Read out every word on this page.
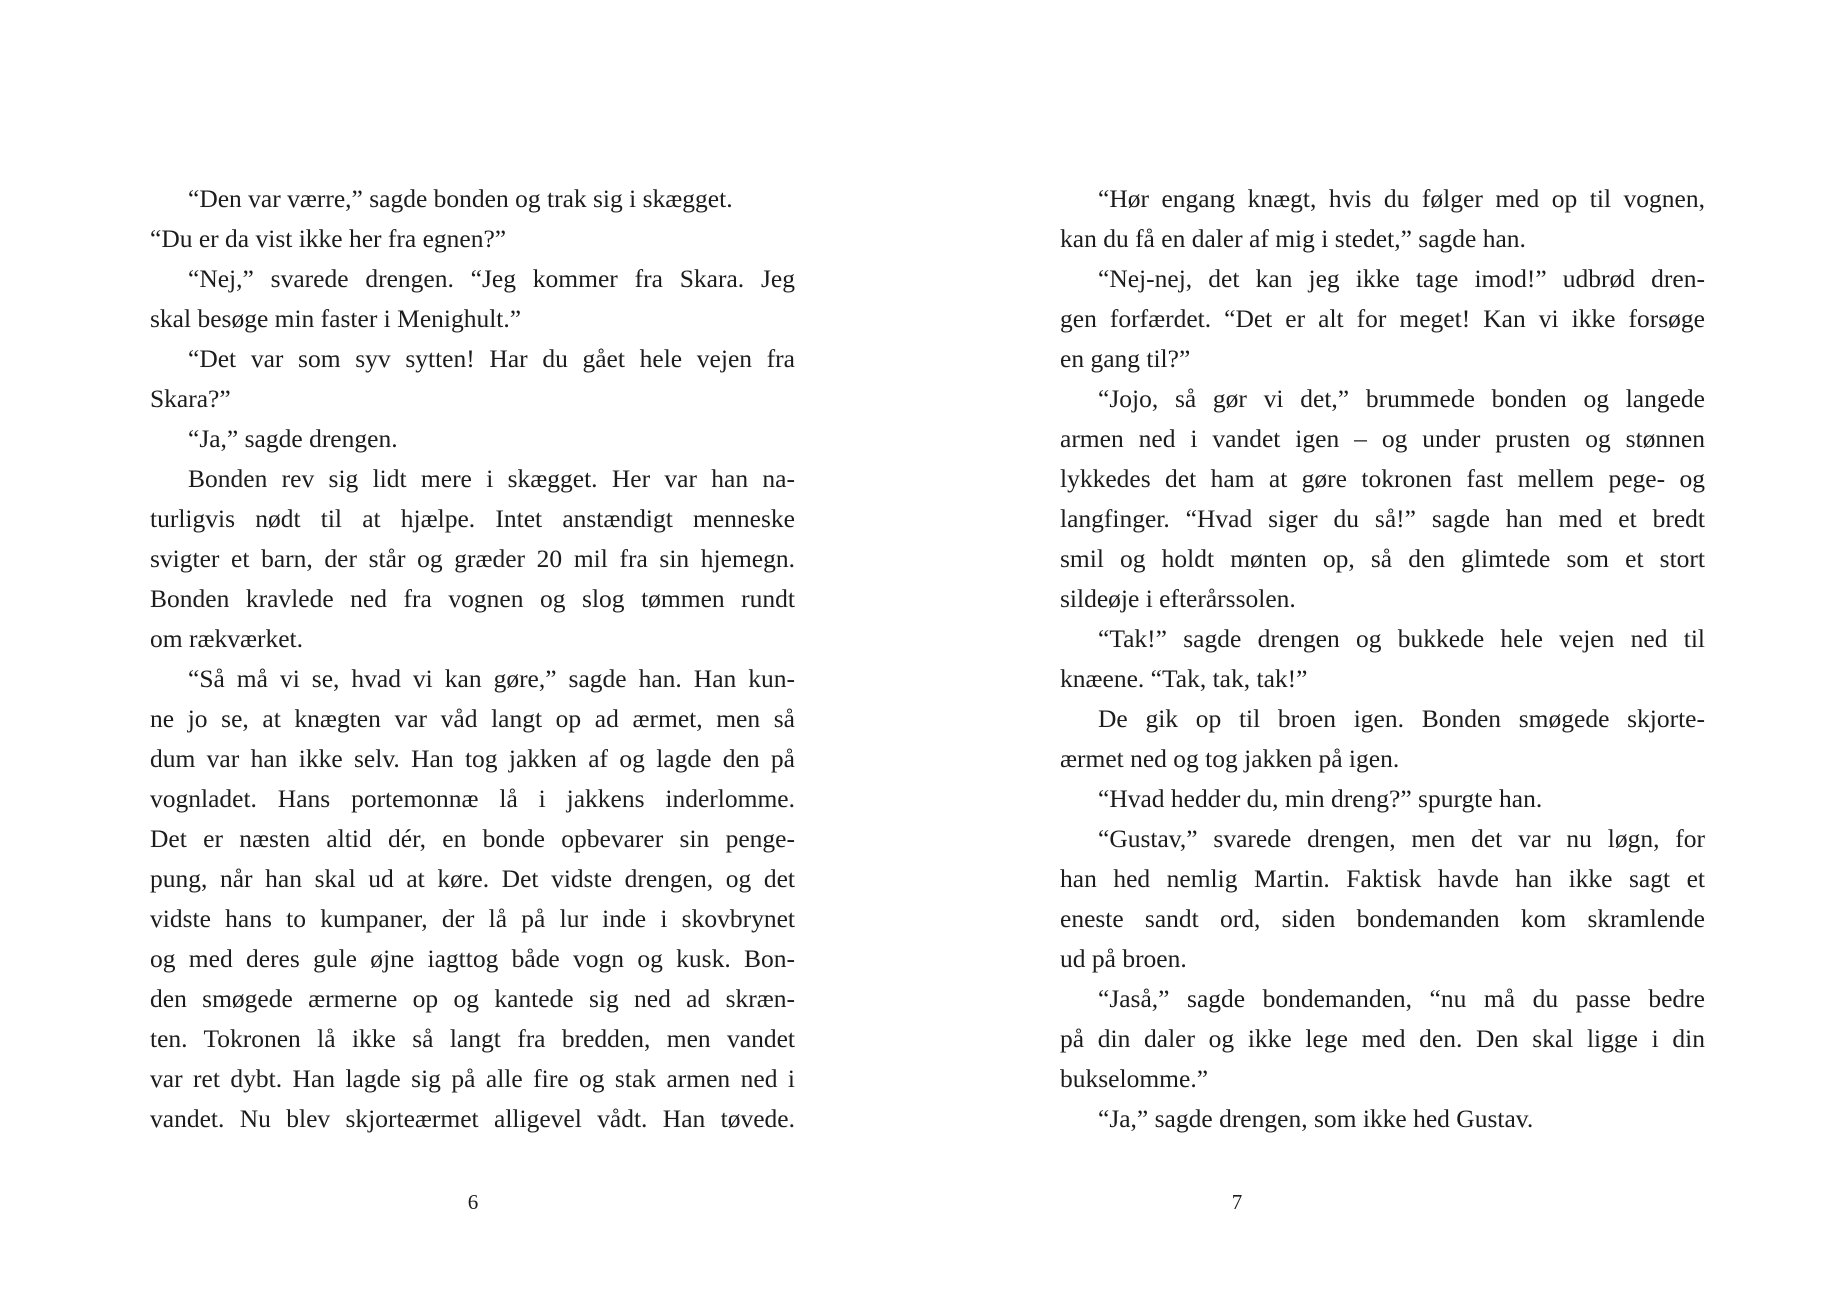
“Den var værre,” sagde bonden og trak sig i skægget.
“Du er da vist ikke her fra egnen?”
“Nej,” svarede drengen. “Jeg kommer fra Skara. Jeg
skal besøge min faster i Menighult.”
“Det var som syv sytten! Har du gået hele vejen fra
Skara?”
“Ja,” sagde drengen.
Bonden rev sig lidt mere i skægget. Her var han na-
turligvis nødt til at hjælpe. Intet anstændigt menneske
svigter et barn, der står og græder 20 mil fra sin hjemegn.
Bonden kravlede ned fra vognen og slog tømmen rundt
om rækværket.
“Så må vi se, hvad vi kan gøre,” sagde han. Han kun-
ne jo se, at knægten var våd langt op ad ærmet, men så
dum var han ikke selv. Han tog jakken af og lagde den på
vognladet. Hans portemonnæ lå i jakkens inderlomme.
Det er næsten altid dér, en bonde opbevarer sin penge-
pung, når han skal ud at køre. Det vidste drengen, og det
vidste hans to kumpaner, der lå på lur inde i skovbrynet
og med deres gule øjne iagttog både vogn og kusk. Bon-
den smøgede ærmerne op og kantede sig ned ad skræn-
ten. Tokronen lå ikke så langt fra bredden, men vandet
var ret dybt. Han lagde sig på alle fire og stak armen ned i
vandet. Nu blev skjorteærmet alligevel vådt. Han tøvede.
6
“Hør engang knægt, hvis du følger med op til vognen,
kan du få en daler af mig i stedet,” sagde han.
“Nej-nej, det kan jeg ikke tage imod!” udbrød dren-
gen forfærdet. “Det er alt for meget! Kan vi ikke forsøge
en gang til?”
“Jojo, så gør vi det,” brummede bonden og langede
armen ned i vandet igen – og under prusten og stønnen
lykkedes det ham at gøre tokronen fast mellem pege- og
langfinger. “Hvad siger du så!” sagde han med et bredt
smil og holdt mønten op, så den glimtede som et stort
sildeøje i efterårssolen.
“Tak!” sagde drengen og bukkede hele vejen ned til
knæene. “Tak, tak, tak!”
De gik op til broen igen. Bonden smøgede skjorte-
ærmet ned og tog jakken på igen.
“Hvad hedder du, min dreng?” spurgte han.
“Gustav,” svarede drengen, men det var nu løgn, for
han hed nemlig Martin. Faktisk havde han ikke sagt et
eneste sandt ord, siden bondemanden kom skramlende
ud på broen.
“Jaså,” sagde bondemanden, “nu må du passe bedre
på din daler og ikke lege med den. Den skal ligge i din
bukselomme.”
“Ja,” sagde drengen, som ikke hed Gustav.
7
